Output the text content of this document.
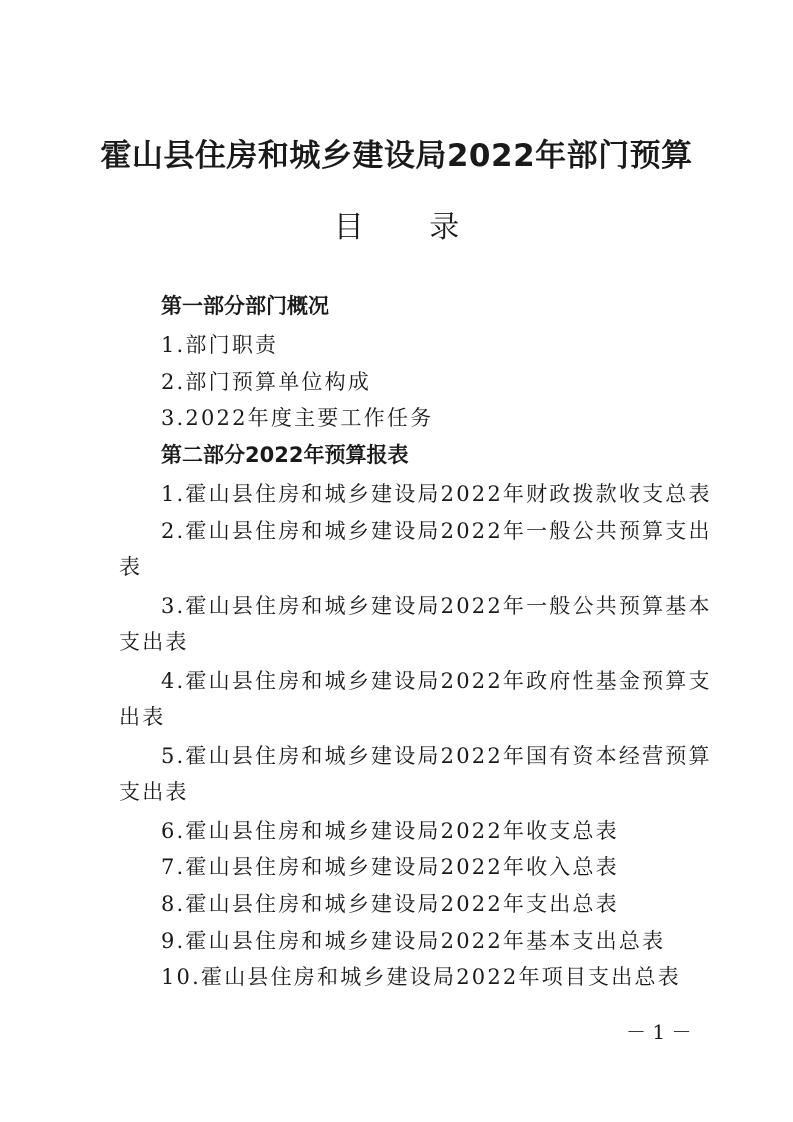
霍山县住房和城乡建设局2022年部门预算
目 录
第一部分部门概况
1.部门职责
2.部门预算单位构成
3.2022年度主要工作任务
第二部分2022年预算报表
1.霍山县住房和城乡建设局2022年财政拨款收支总表
2.霍山县住房和城乡建设局2022年一般公共预算支出
表
3.霍山县住房和城乡建设局2022年一般公共预算基本
支出表
4.霍山县住房和城乡建设局2022年政府性基金预算支
出表
5.霍山县住房和城乡建设局2022年国有资本经营预算
支出表
6.霍山县住房和城乡建设局2022年收支总表
7.霍山县住房和城乡建设局2022年收入总表
8.霍山县住房和城乡建设局2022年支出总表
9.霍山县住房和城乡建设局2022年基本支出总表
10.霍山县住房和城乡建设局2022年项目支出总表
－ 1 －
